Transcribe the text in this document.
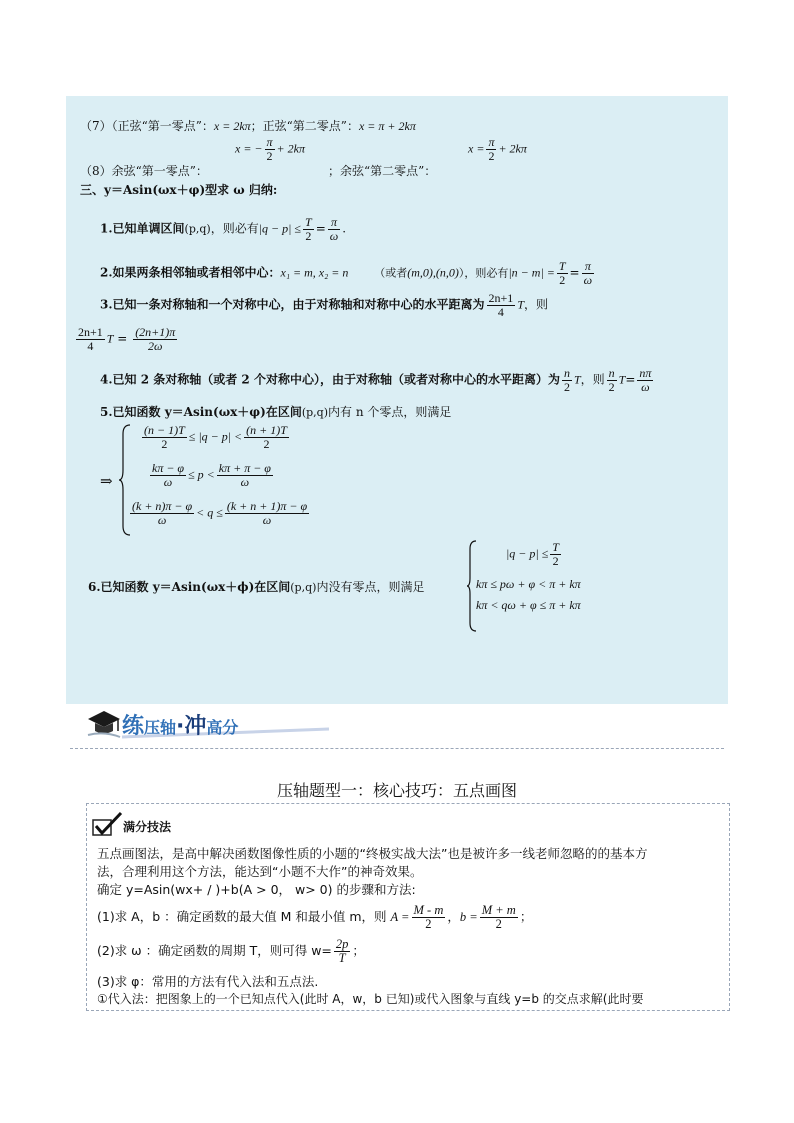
（7）（正弦“第一零点”：x = 2kπ；正弦“第二零点”：x = π + 2kπ
x = − $\frac{\pi}{2} + 2k\pi$	$x = \frac{\pi}{2} + 2k\pi$
（8）余弦“第一零点”：	；余弦“第二零点”：
三、y＝Asin(ωx＋φ)型求 ω 归纳:
1.已知单调区间(p,q)，则必有$|q - p| \le \frac{T}{2} = \frac{\pi}{\omega}$ .
2.如果两条相邻轴或者相邻中心：x₁ = m, x₂ = n （或者(m,0),(n,0)），则必有$|n - m| = \frac{T}{2} = \frac{\pi}{\omega}$
3.已知一条对称轴和一个对称中心，由于对称轴和对称中心的水平距离为 $\frac{2n+1}{4}$ T，则
$\frac{2n+1}{4}$ $T = \frac{(2n+1)\pi}{2\omega}$
4.已知 2 条对称轴（或者 2 个对称中心），由于对称轴（或者对称中心的水平距离）为 $\frac{n}{2}$ T，则 $\frac{n}{2} T= \frac{n\pi}{\omega}$
5.已知函数 y＝Asin(ωx＋φ)在区间(p,q)内有 n 个零点，则满足
⇒
$\frac{(n - 1)T}{2} \le |q - p| < \frac{(n + 1)T}{2}$
$\frac{k\pi - \varphi}{\omega} \le p < \frac{k\pi + \pi - \varphi}{\omega}$
$\frac{(k + n)\pi - \varphi}{\omega} < q \le \frac{(k + n + 1)\pi - \varphi}{\omega}$
6.已知函数 y＝Asin(ωx＋ϕ)在区间(p,q)内没有零点，则满足
$|q - p| \le \frac{T}{2}$
kπ ≤ pω + φ < π + kπ
kπ < qω + φ ≤ π + kπ
练压轴·冲高分
压轴题型一：核心技巧：五点画图
满分技法
五点画图法，是高中解决函数图像性质的小题的“终极实战大法”也是被许多一线老师忽略的的基本方
法，合理利用这个方法，能达到“小题不大作”的神奇效果。
确定 y=Asin(wx+ / )+b(A > 0， w> 0) 的步骤和方法:
(1)求 A，b ：确定函数的最大值 M 和最小值 m，则 $A = \frac{M - m}{2}$ ，$b = \frac{M + m}{2}$ ；
(2)求 ω ：确定函数的周期 T，则可得 $w= \frac{2p}{T}$ ；
(3)求 φ：常用的方法有代入法和五点法.
①代入法：把图象上的一个已知点代入(此时 A，w，b 已知)或代入图象与直线 y=b 的交点求解(此时要
